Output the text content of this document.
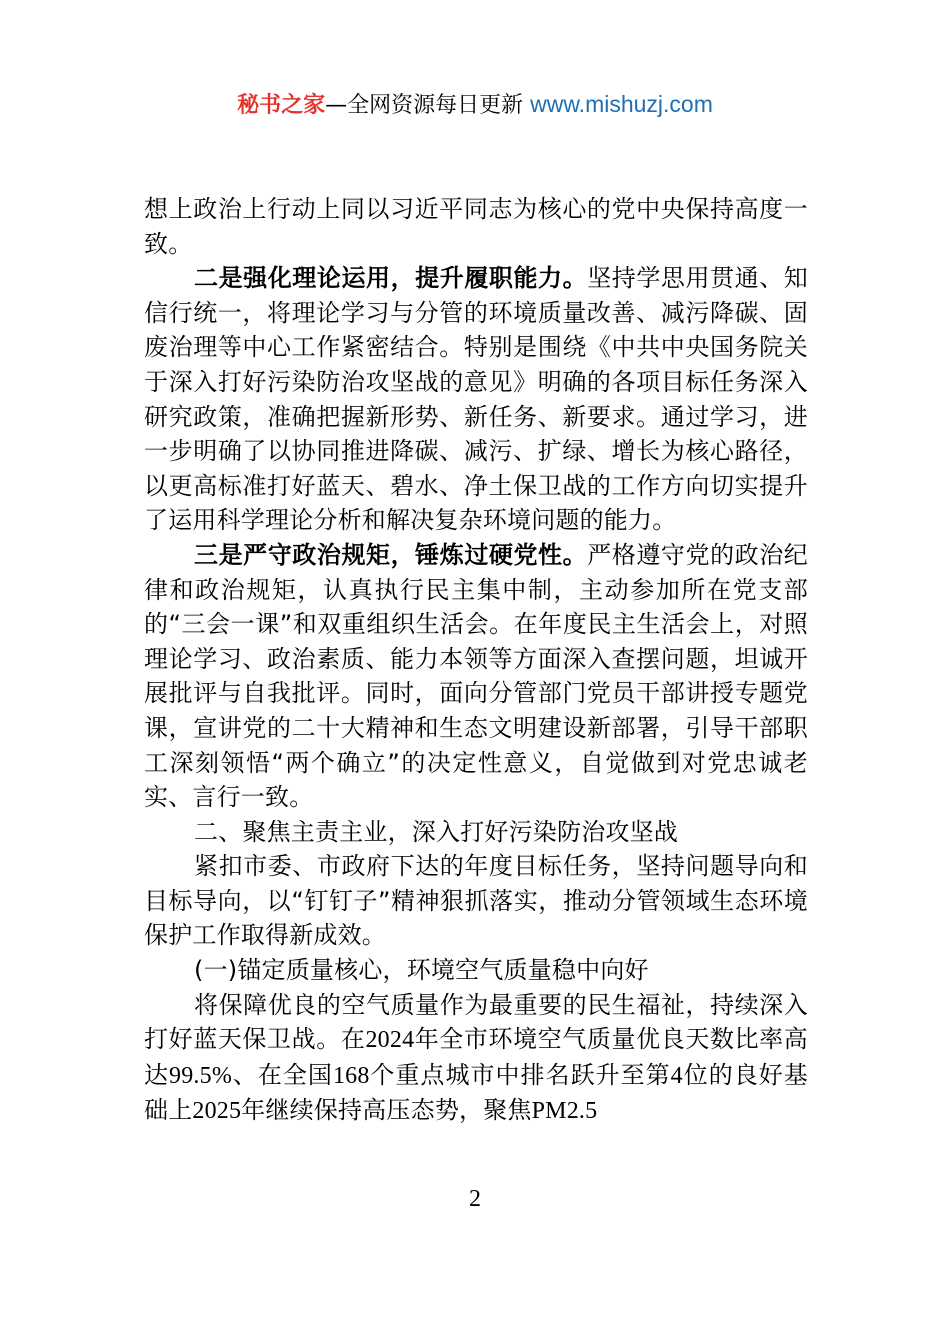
秘书之家—全网资源每日更新 www.mishuzj.com

想上政治上行动上同以习近平同志为核心的党中央保持高度一致。

二是强化理论运用，提升履职能力。坚持学思用贯通、知信行统一，将理论学习与分管的环境质量改善、减污降碳、固废治理等中心工作紧密结合。特别是围绕《中共中央国务院关于深入打好污染防治攻坚战的意见》明确的各项目标任务深入研究政策，准确把握新形势、新任务、新要求。通过学习，进一步明确了以协同推进降碳、减污、扩绿、增长为核心路径，以更高标准打好蓝天、碧水、净土保卫战的工作方向切实提升了运用科学理论分析和解决复杂环境问题的能力。

三是严守政治规矩，锤炼过硬党性。严格遵守党的政治纪律和政治规矩，认真执行民主集中制，主动参加所在党支部的“三会一课”和双重组织生活会。在年度民主生活会上，对照理论学习、政治素质、能力本领等方面深入查摆问题，坦诚开展批评与自我批评。同时，面向分管部门党员干部讲授专题党课，宣讲党的二十大精神和生态文明建设新部署，引导干部职工深刻领悟“两个确立”的决定性意义，自觉做到对党忠诚老实、言行一致。

二、聚焦主责主业，深入打好污染防治攻坚战

紧扣市委、市政府下达的年度目标任务，坚持问题导向和目标导向，以“钉钉子”精神狠抓落实，推动分管领域生态环境保护工作取得新成效。

(一)锚定质量核心，环境空气质量稳中向好

将保障优良的空气质量作为最重要的民生福祉，持续深入打好蓝天保卫战。在2024年全市环境空气质量优良天数比率高达99.5%、在全国168个重点城市中排名跃升至第4位的良好基础上2025年继续保持高压态势，聚焦PM2.5

2
